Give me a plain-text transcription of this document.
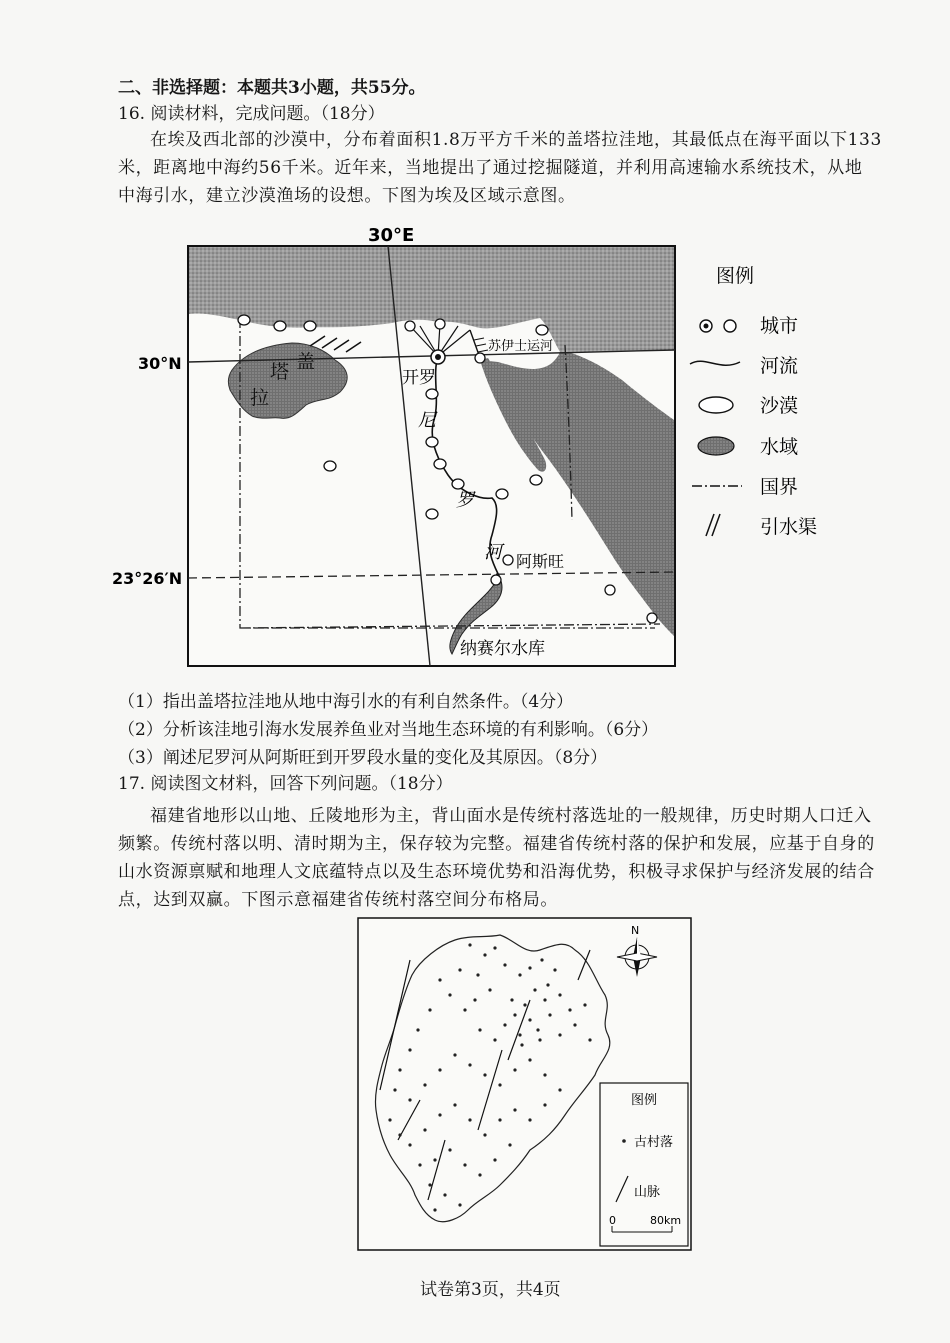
二、非选择题：本题共3小题，共55分。
16. 阅读材料，完成问题。（18分）
在埃及西北部的沙漠中，分布着面积1.8万平方千米的盖塔拉洼地，其最低点在海平面以下133
米，距离地中海约56千米。近年来，当地提出了通过挖掘隧道，并利用高速输水系统技术，从地
中海引水，建立沙漠渔场的设想。下图为埃及区域示意图。
30°E
30°N
23°26′N
盖
塔
拉
开罗
尼
罗
河 阿斯旺
纳赛尔水库
苏伊士运河
图例
城市
河流
沙漠
水域
国界
引水渠
（1）指出盖塔拉洼地从地中海引水的有利自然条件。（4分）
（2）分析该洼地引海水发展养鱼业对当地生态环境的有利影响。（6分）
（3）阐述尼罗河从阿斯旺到开罗段水量的变化及其原因。（8分）
17. 阅读图文材料，回答下列问题。（18分）
福建省地形以山地、丘陵地形为主，背山面水是传统村落选址的一般规律，历史时期人口迁入
频繁。传统村落以明、清时期为主，保存较为完整。福建省传统村落的保护和发展，应基于自身的
山水资源禀赋和地理人文底蕴特点以及生态环境优势和沿海优势，积极寻求保护与经济发展的结合
点，达到双赢。下图示意福建省传统村落空间分布格局。
N
图例
古村落
山脉
0	80km
试卷第3页，共4页
